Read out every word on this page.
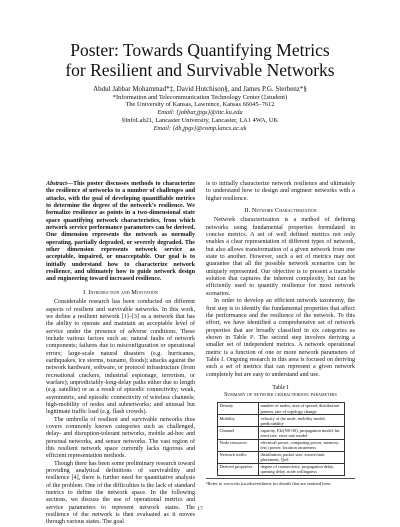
Poster: Towards Quantifying Metrics
for Resilient and Survivable Networks
Abdul Jabbar Mohammad*‡, David Hutchison§, and James P.G. Sterbenz*§
*Information and Telecommunication Technology Center (‡student)
The University of Kansas, Lawrence, Kansas 66045–7612
Email: {jabbar,jpgs}@ittc.ku.edu
§InfoLab21, Lancaster University, Lancaster, LA1 4WA, UK
Email: {dh,jpgs}@comp.lancs.ac.uk
Abstract—This poster discusses methods to characterize the resilience of networks to a number of challenges and attacks, with the goal of developing quantifiable metrics to determine the degree of the network’s resilience. We formalize resilience as points in a two-dimensional state space quantifying network characteristics, from which network service performance parameters can be derived. One dimension represents the network as normally operating, partially degraded, or severely degraded. The other dimension represents network service as acceptable, impaired, or unacceptable. Our goal is to initially understand how to characterize network resilience, and ultimately how to guide network design and engineering toward increased resilience.
I. Introduction and Motivation

Considerable research has been conducted on different aspects of resilient and survivable networks. In this work, we define a resilient network [1]–[3] as a network that has the ability to operate and maintain an acceptable level of service under the presence of adverse conditions. These include various factors such as: natural faults of network components; failures due to misconfiguration or operational errors; large-scale natural disasters (e.g. hurricanes, earthquakes, ice storms, tsunami, floods); attacks against the network hardware, software, or protocol infrastructure (from recreational crackers, industrial espionage, terrorism, or warfare); unpredictably-long-delay paths either due to length (e.g. satellite) or as a result of episodic connectivity; weak, asymmetric, and episodic connectivity of wireless channels; high-mobility of nodes and subnetworks; and unusual but legitimate traffic load (e.g. flash crowds).

The umbrella of resilient and survivable networks thus covers commonly known categories such as challenged, delay- and disruption-tolerant networks, mobile ad-hoc and personal networks, and sensor networks. The vast region of this resilient network space currently lacks rigorous and efficient representation methods.

Though there has been some preliminary research toward providing analytical definitions of survivability and resilience [4], there is further need for quantitative analysis of the problem. One of the difficulties is the lack of standard metrics to define the network space. In the following sections, we discuss the use of operational metrics and service parameters to represent network states. The resilience of the network is then evaluated as it moves through various states. The goal

is to initially characterize network resilience and ultimately to understand how to design and engineer networks with a higher resilience.

II. Network Characterization

Network characterization is a method of defining networks using fundamental properties formulated in concise metrics. A set of well defined metrics not only enables a clear representation of different types of network, but also allows transformation of a given network from one state to another. However, such a set of metrics may not guarantee that all the possible network scenarios can be uniquely represented. Our objective is to present a tractable solution that captures the inherent complexity, but can be efficiently used to quantify resilience for most network scenarios.

In order to develop an efficient network taxonomy, the first step is to identify the fundamental properties that affect the performance and the resilience of the network. To this effort, we have identified a comprehensive set of network properties that are broadly classified in six categories as shown in Table I¹. The second step involves deriving a smaller set of independent metrics. A network operational metric is a function of one or more network parameters of Table I. Ongoing research in this area is focused on deriving such a set of metrics that can represent a given network completely but are easy to understand and use.

Table I
Summary of network characteristic parameters
Density	number of nodes, area of spread, distribution pattern, rate of topology change
Mobility	velocity of the node, mobility model, predictability
Channel	capacity, Eb/(N0+I0), propagation model, bit error rate, error rate model
Node resources	electrical power, computing power, memory, (etc) power, location awareness
Network traffic	distribution, packet size, source/sink placement, QoS
Derived properties	degree of connectivity, propagation delay, queuing delay, node willingness
¹Refer to www.ittc.ku.edu/resilinets for details that are omitted here.
17
